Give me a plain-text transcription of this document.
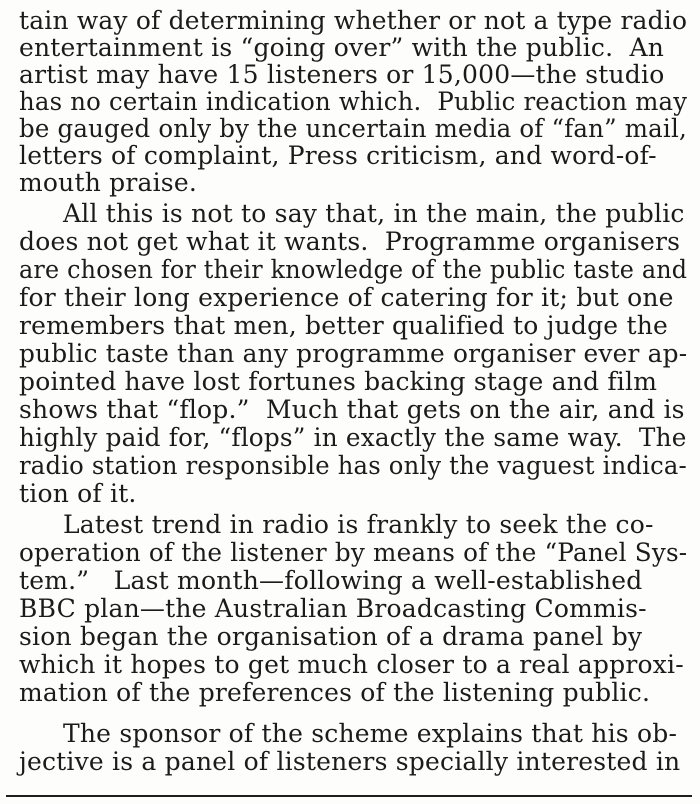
tain way of determining whether or not a type radio
entertainment is “going over” with the public.  An
artist may have 15 listeners or 15,000—the studio
has no certain indication which.  Public reaction may
be gauged only by the uncertain media of “fan” mail,
letters of complaint, Press criticism, and word-of-
mouth praise.
All this is not to say that, in the main, the public
does not get what it wants.  Programme organisers
are chosen for their knowledge of the public taste and
for their long experience of catering for it; but one
remembers that men, better qualified to judge the
public taste than any programme organiser ever ap-
pointed have lost fortunes backing stage and film
shows that “flop.”  Much that gets on the air, and is
highly paid for, “flops” in exactly the same way.  The
radio station responsible has only the vaguest indica-
tion of it.
Latest trend in radio is frankly to seek the co-
operation of the listener by means of the “Panel Sys-
tem.”   Last month—following a well-established
BBC plan—the Australian Broadcasting Commis-
sion began the organisation of a drama panel by
which it hopes to get much closer to a real approxi-
mation of the preferences of the listening public.
The sponsor of the scheme explains that his ob-
jective is a panel of listeners specially interested in
